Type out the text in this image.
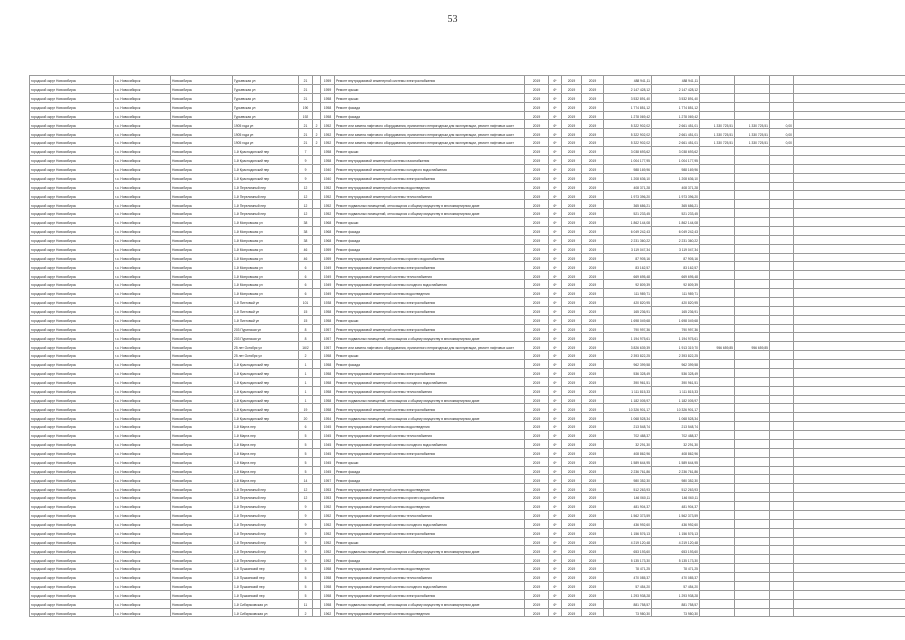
53
городской округ Новосибирск	г.о. Новосибирск	Новосибирск	Гурьевская ул	21		1959	Ремонт внутридомовой инженерной системы электроснабжения	2019	6*	2019	2019	488 941,11	488 941,11				
городской округ Новосибирск	г.о. Новосибирск	Новосибирск	Гурьевская ул	21		1959	Ремонт крыши	2019	6*	2019	2019	2 147 428,12	2 147 428,12				
городской округ Новосибирск	г.о. Новосибирск	Новосибирск	Гурьевская ул	21		1958	Ремонт крыши	2019	6*	2019	2019	3 532 891,40	3 532 891,40				
городской округ Новосибирск	г.о. Новосибирск	Новосибирск	Гурьевская ул	190		1958	Ремонт фасада	2019	6*	2019	2019	1 774 851,12	1 774 851,12				
городской округ Новосибирск	г.о. Новосибирск	Новосибирск	Гурьевская ул	192		1958	Ремонт фасада	2019	6*	2019	2019	1 278 069,42	1 278 069,42				
городской округ Новосибирск	г.о. Новосибирск	Новосибирск	1905 года ул	21	2	1952	Ремонт или замена лифтового оборудования, признанного непригодным для эксплуатации, ремонт лифтовых шахт	2019	6*	2019	2019	5 322 902,02	2 661 451,01	1 330 725,51	1 330 725,51	0,00	
городской округ Новосибирск	г.о. Новосибирск	Новосибирск	1905 года ул	21	2	1952	Ремонт или замена лифтового оборудования, признанного непригодным для эксплуатации, ремонт лифтовых шахт	2019	6*	2019	2019	5 322 902,02	2 661 451,01	1 330 725,51	1 330 725,51	0,00	
городской округ Новосибирск	г.о. Новосибирск	Новосибирск	1905 года ул	21	2	1952	Ремонт или замена лифтового оборудования, признанного непригодным для эксплуатации, ремонт лифтовых шахт	2019	6*	2019	2019	5 322 902,02	2 661 451,01	1 330 725,51	1 330 725,51	0,00	
городской округ Новосибирск	г.о. Новосибирск	Новосибирск	1-й Краснодонский пер	7		1958	Ремонт крыши	2019	6*	2019	2019	3 038 693,62	3 038 693,62				
городской округ Новосибирск	г.о. Новосибирск	Новосибирск	1-й Краснодонский пер	9		1958	Ремонт внутридомовой инженерной системы газоснабжения	2019	6*	2019	2019	1 004 177,95	1 004 177,95				
городской округ Новосибирск	г.о. Новосибирск	Новосибирск	1-й Краснодонский пер	9		1940	Ремонт внутридомовой инженерной системы холодного водоснабжения	2019	6*	2019	2019	988 169,96	988 169,96				
городской округ Новосибирск	г.о. Новосибирск	Новосибирск	1-й Краснодонский пер	9		1940	Ремонт внутридомовой инженерной системы электроснабжения	2019	6*	2019	2019	1 208 636,10	1 208 636,10				
городской округ Новосибирск	г.о. Новосибирск	Новосибирск	1-й Переломный пер	12		1952	Ремонт внутридомовой инженерной системы водоотведения	2019	6*	2019	2019	408 371,28	408 371,28				
городской округ Новосибирск	г.о. Новосибирск	Новосибирск	1-й Переломный пер	12		1952	Ремонт внутридомовой инженерной системы теплоснабжения	2019	6*	2019	2019	1 973 396,20	1 973 396,20				
городской округ Новосибирск	г.о. Новосибирск	Новосибирск	1-й Переломный пер	12		1952	Ремонт подвальных помещений, относящихся к общему имуществу в многоквартирном доме	2019	6*	2019	2019	365 686,21	365 686,21				
городской округ Новосибирск	г.о. Новосибирск	Новосибирск	1-й Переломный пер	12		1952	Ремонт подвальных помещений, относящихся к общему имуществу в многоквартирном доме	2019	6*	2019	2019	521 233,45	521 233,45				
городской округ Новосибирск	г.о. Новосибирск	Новосибирск	1-й Мопровская ул	38		1968	Ремонт крыши	2019	6*	2019	2019	1 862 144,08	1 862 144,08				
городской округ Новосибирск	г.о. Новосибирск	Новосибирск	1-й Мопровская ул	38		1968	Ремонт фасада	2019	6*	2019	2019	6 049 242,43	6 049 242,43				
городской округ Новосибирск	г.о. Новосибирск	Новосибирск	1-й Мопровская ул	38		1968	Ремонт фасада	2019	6*	2019	2019	2 231 360,22	2 231 360,22				
городской округ Новосибирск	г.о. Новосибирск	Новосибирск	1-й Мопровская ул	46		1959	Ремонт фасада	2019	6*	2019	2019	3 119 047,34	3 119 047,34				
городской округ Новосибирск	г.о. Новосибирск	Новосибирск	1-й Мопровская ул	46		1959	Ремонт внутридомовой инженерной системы горячего водоснабжения	2019	6*	2019	2019	87 905,16	87 905,16				
городской округ Новосибирск	г.о. Новосибирск	Новосибирск	1-й Мопровская ул	6		1949	Ремонт внутридомовой инженерной системы электроснабжения	2019	6*	2019	2019	83 162,57	83 162,57				
городской округ Новосибирск	г.о. Новосибирск	Новосибирск	1-й Мопровская ул	6		1949	Ремонт внутридомовой инженерной системы теплоснабжения	2019	6*	2019	2019	669 695,48	669 695,48				
городской округ Новосибирск	г.о. Новосибирск	Новосибирск	1-й Мопровская ул	6		1949	Ремонт внутридомовой инженерной системы холодного водоснабжения	2019	6*	2019	2019	92 809,39	92 809,39				
городской округ Новосибирск	г.о. Новосибирск	Новосибирск	1-й Мопровская ул	6		1949	Ремонт внутридомовой инженерной системы водоотведения	2019	6*	2019	2019	111 989,71	111 989,71				
городской округ Новосибирск	г.о. Новосибирск	Новосибирск	1-й Пихтовый ул	101		1938	Ремонт внутридомовой инженерной системы электроснабжения	2019	6*	2019	2019	420 820,95	420 820,95				
городской округ Новосибирск	г.о. Новосибирск	Новосибирск	1-й Пихтовый ул	15		1958	Ремонт внутридомовой инженерной системы электроснабжения	2019	6*	2019	2019	165 236,91	165 236,91				
городской округ Новосибирск	г.о. Новосибирск	Новосибирск	1-й Пихтовый ул	15		1958	Ремонт крыши	2019	6*	2019	2019	1 698 049,68	1 698 049,68				
городской округ Новосибирск	г.о. Новосибирск	Новосибирск	203 Пуринская ул	8		1957	Ремонт внутридомовой инженерной системы электроснабжения	2019	6*	2019	2019	790 997,36	790 997,36				
городской округ Новосибирск	г.о. Новосибирск	Новосибирск	203 Пуринская ул	8		1957	Ремонт подвальных помещений, относящихся к общему имуществу в многоквартирном доме	2019	6*	2019	2019	1 194 975,61	1 194 975,61				
городской округ Новосибирск	г.о. Новосибирск	Новосибирск	25 лет Октября ул	16/2		1957	Ремонт или замена лифтового оборудования, признанного непригодным для эксплуатации, ремонт лифтовых шахт	2019	6*	2019	2019	3 826 639,39	1 913 319,70	956 659,85	956 659,85		
городской округ Новосибирск	г.о. Новосибирск	Новосибирск	25 лет Октября ул	2		1958	Ремонт крыши	2019	6*	2019	2019	2 393 822,25	2 393 822,25				
городской округ Новосибирск	г.о. Новосибирск	Новосибирск	1-й Краснодонский пер	1		1958	Ремонт фасада	2019	6*	2019	2019	962 399,58	962 399,58				
городской округ Новосибирск	г.о. Новосибирск	Новосибирск	1-й Краснодонский пер	1		1958	Ремонт внутридомовой инженерной системы электроснабжения	2019	6*	2019	2019	536 328,49	536 328,49				
городской округ Новосибирск	г.о. Новосибирск	Новосибирск	1-й Краснодонский пер	1		1958	Ремонт внутридомовой инженерной системы холодного водоснабжения	2019	6*	2019	2019	390 961,51	390 961,51				
городской округ Новосибирск	г.о. Новосибирск	Новосибирск	1-й Краснодонский пер	1		1958	Ремонт внутридомовой инженерной системы теплоснабжения	2019	6*	2019	2019	1 111 815,33	1 111 815,33				
городской округ Новосибирск	г.о. Новосибирск	Новосибирск	1-й Краснодонский пер	1		1958	Ремонт подвальных помещений, относящихся к общему имуществу в многоквартирном доме	2019	6*	2019	2019	1 182 005,97	1 182 005,97				
городской округ Новосибирск	г.о. Новосибирск	Новосибирск	1-й Краснодонский пер	19		1958	Ремонт внутридомовой инженерной системы электроснабжения	2019	6*	2019	2019	10 326 901,17	10 326 901,17				
городской округ Новосибирск	г.о. Новосибирск	Новосибирск	1-й Краснодонский пер	20		1954	Ремонт подвальных помещений, относящихся к общему имуществу в многоквартирном доме	2019	6*	2019	2019	1 068 528,34	1 068 528,34				
городской округ Новосибирск	г.о. Новосибирск	Новосибирск	1-й Марта пер	6		1945	Ремонт внутридомовой инженерной системы водоотведения	2019	6*	2019	2019	213 548,74	213 548,74				
городской округ Новосибирск	г.о. Новосибирск	Новосибирск	1-й Марта пер	5		1945	Ремонт внутридомовой инженерной системы теплоснабжения	2019	6*	2019	2019	702 488,37	702 488,37				
городской округ Новосибирск	г.о. Новосибирск	Новосибирск	1-й Марта пер	5		1945	Ремонт внутридомовой инженерной системы холодного водоснабжения	2019	6*	2019	2019	32 291,30	32 291,30				
городской округ Новосибирск	г.о. Новосибирск	Новосибирск	1-й Марта пер	5		1945	Ремонт внутридомовой инженерной системы электроснабжения	2019	6*	2019	2019	408 862,96	408 862,96				
городской округ Новосибирск	г.о. Новосибирск	Новосибирск	1-й Марта пер	5		1945	Ремонт крыши	2019	6*	2019	2019	1 589 644,95	1 589 644,95				
городской округ Новосибирск	г.о. Новосибирск	Новосибирск	1-й Марта пер	5		1945	Ремонт фасада	2019	6*	2019	2019	2 236 761,86	2 236 761,86				
городской округ Новосибирск	г.о. Новосибирск	Новосибирск	1-й Марта пер	14		1957	Ремонт фасада	2019	6*	2019	2019	980 352,30	980 352,30				
городской округ Новосибирск	г.о. Новосибирск	Новосибирск	1-й Переломный пер	12		1953	Ремонт внутридомовой инженерной системы водоотведения	2019	6*	2019	2019	512 263,93	512 263,93				
городской округ Новосибирск	г.о. Новосибирск	Новосибирск	1-й Переломный пер	12		1953	Ремонт внутридомовой инженерной системы горячего водоснабжения	2019	6*	2019	2019	146 060,11	146 060,11				
городской округ Новосибирск	г.о. Новосибирск	Новосибирск	1-й Переломный пер	9		1952	Ремонт внутридомовой инженерной системы водоотведения	2019	6*	2019	2019	481 904,37	481 904,37				
городской округ Новосибирск	г.о. Новосибирск	Новосибирск	1-й Переломный пер	9		1952	Ремонт внутридомовой инженерной системы теплоснабжения	2019	6*	2019	2019	1 562 373,59	1 562 373,59				
городской округ Новосибирск	г.о. Новосибирск	Новосибирск	1-й Переломный пер	9		1952	Ремонт внутридомовой инженерной системы холодного водоснабжения	2019	6*	2019	2019	436 992,60	436 992,60				
городской округ Новосибирск	г.о. Новосибирск	Новосибирск	1-й Переломный пер	9		1952	Ремонт внутридомовой инженерной системы электроснабжения	2019	6*	2019	2019	1 156 576,13	1 156 576,13				
городской округ Новосибирск	г.о. Новосибирск	Новосибирск	1-й Переломный пер	9		1952	Ремонт крыши	2019	6*	2019	2019	4 219 120,48	4 219 120,48				
городской округ Новосибирск	г.о. Новосибирск	Новосибирск	1-й Переломный пер	9		1952	Ремонт подвальных помещений, относящихся к общему имуществу в многоквартирном доме	2019	6*	2019	2019	653 193,60	653 193,60				
городской округ Новосибирск	г.о. Новосибирск	Новосибирск	1-й Переломный пер	9		1952	Ремонт фасада	2019	6*	2019	2019	5 135 173,30	5 135 173,30				
городской округ Новосибирск	г.о. Новосибирск	Новосибирск	1-й Пушкинский пер	5		1958	Ремонт внутридомовой инженерной системы водоотведения	2019	6*	2019	2019	78 471,25	78 471,25				
городской округ Новосибирск	г.о. Новосибирск	Новосибирск	1-й Пушкинский пер	5		1958	Ремонт внутридомовой инженерной системы теплоснабжения	2019	6*	2019	2019	470 085,37	470 085,37				
городской округ Новосибирск	г.о. Новосибирск	Новосибирск	1-й Пушкинский пер	5		1958	Ремонт внутридомовой инженерной системы холодного водоснабжения	2019	6*	2019	2019	57 454,20	57 454,20				
городской округ Новосибирск	г.о. Новосибирск	Новосибирск	1-й Пушкинский пер	5		1958	Ремонт внутридомовой инженерной системы электроснабжения	2019	6*	2019	2019	1 293 938,28	1 293 938,28				
городской округ Новосибирск	г.о. Новосибирск	Новосибирск	1-й Сибиряковская ул	11		1958	Ремонт подвальных помещений, относящихся к общему имуществу в многоквартирном доме	2019	6*	2019	2019	881 758,57	881 758,57				
городской округ Новосибирск	г.о. Новосибирск	Новосибирск	1-й Сибиряковская ул	2		1962	Ремонт внутридомовой инженерной системы водоотведения	2019	6*	2019	2019	73 980,30	73 980,30				
